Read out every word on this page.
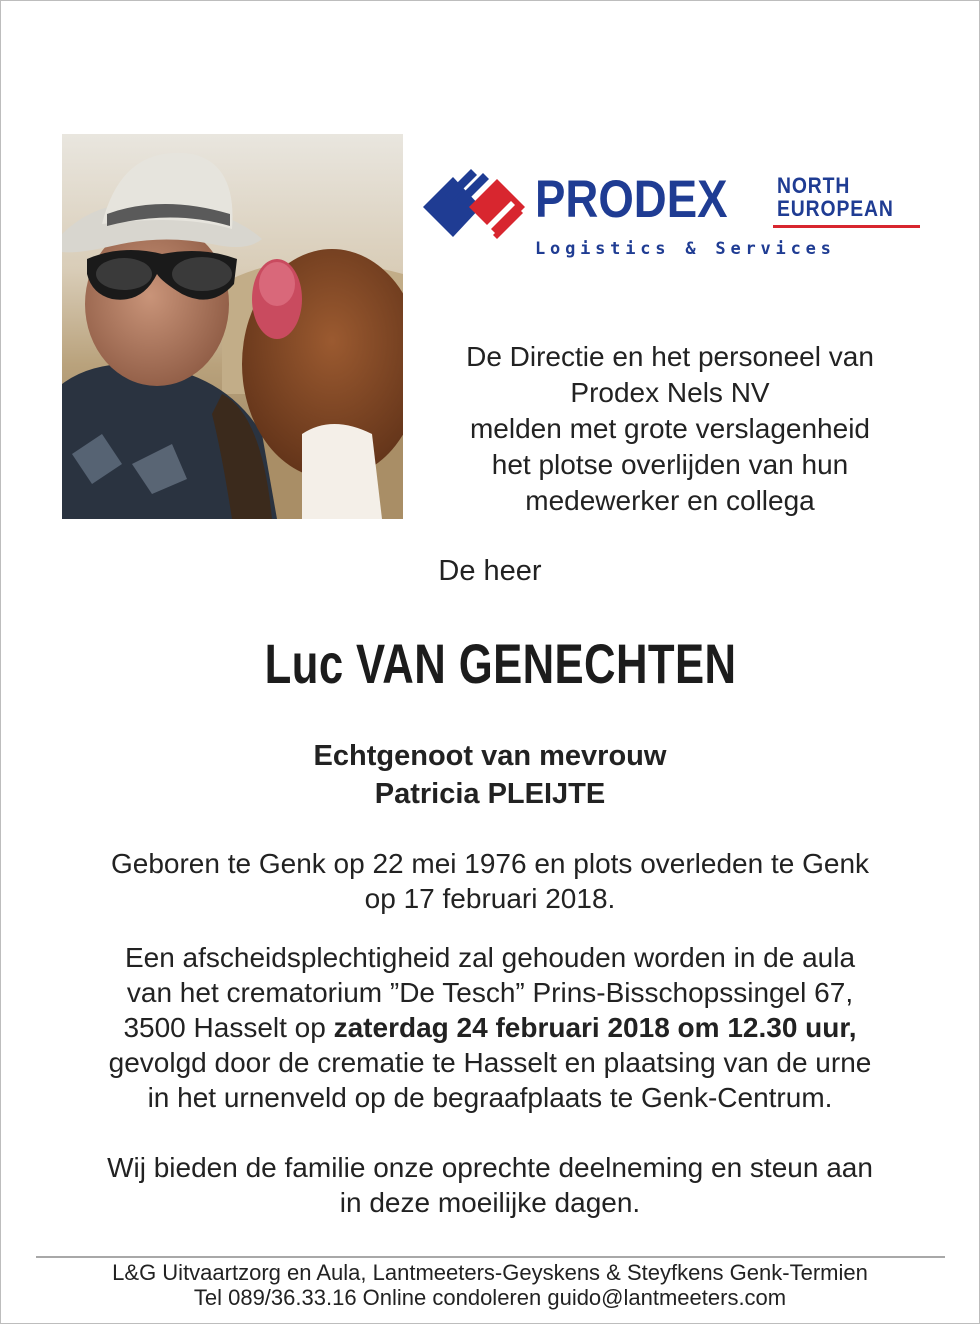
PRODEX NORTH
EUROPEAN
Logistics & Services
De Directie en het personeel van
Prodex Nels NV
melden met grote verslagenheid
het plotse overlijden van hun
medewerker en collega
De heer
Luc VAN GENECHTEN
Echtgenoot van mevrouw
Patricia PLEIJTE
Geboren te Genk op 22 mei 1976 en plots overleden te Genk
op 17 februari 2018.
Een afscheidsplechtigheid zal gehouden worden in de aula
van het crematorium ”De Tesch” Prins-Bisschopssingel 67,
3500 Hasselt op zaterdag 24 februari 2018 om 12.30 uur,
gevolgd door de crematie te Hasselt en plaatsing van de urne
in het urnenveld op de begraafplaats te Genk-Centrum.
Wij bieden de familie onze oprechte deelneming en steun aan
in deze moeilijke dagen.
L&G Uitvaartzorg en Aula, Lantmeeters-Geyskens & Steyfkens Genk-Termien
Tel 089/36.33.16 Online condoleren guido@lantmeeters.com
